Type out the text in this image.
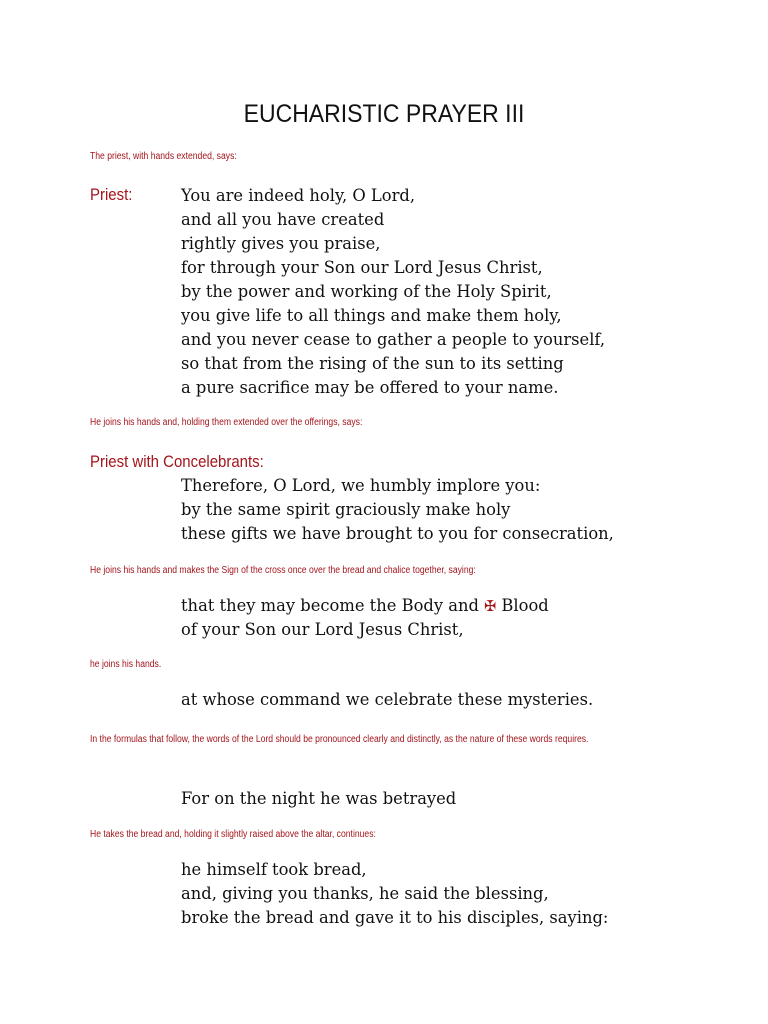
EUCHARISTIC PRAYER III
The priest, with hands extended, says:
Priest:	You are indeed holy, O Lord,
and all you have created
rightly gives you praise,
for through your Son our Lord Jesus Christ,
by the power and working of the Holy Spirit,
you give life to all things and make them holy,
and you never cease to gather a people to yourself,
so that from the rising of the sun to its setting
a pure sacrifice may be offered to your name.
He joins his hands and, holding them extended over the offerings, says:
Priest with Concelebrants:
Therefore, O Lord, we humbly implore you:
by the same spirit graciously make holy
these gifts we have brought to you for consecration,
He joins his hands and makes the Sign of the cross once over the bread and chalice together, saying:
that they may become the Body and ✠ Blood
of your Son our Lord Jesus Christ,
he joins his hands.
at whose command we celebrate these mysteries.
In the formulas that follow, the words of the Lord should be pronounced clearly and distinctly, as the nature of these words requires.
For on the night he was betrayed
He takes the bread and, holding it slightly raised above the altar, continues:
he himself took bread,
and, giving you thanks, he said the blessing,
broke the bread and gave it to his disciples, saying:
